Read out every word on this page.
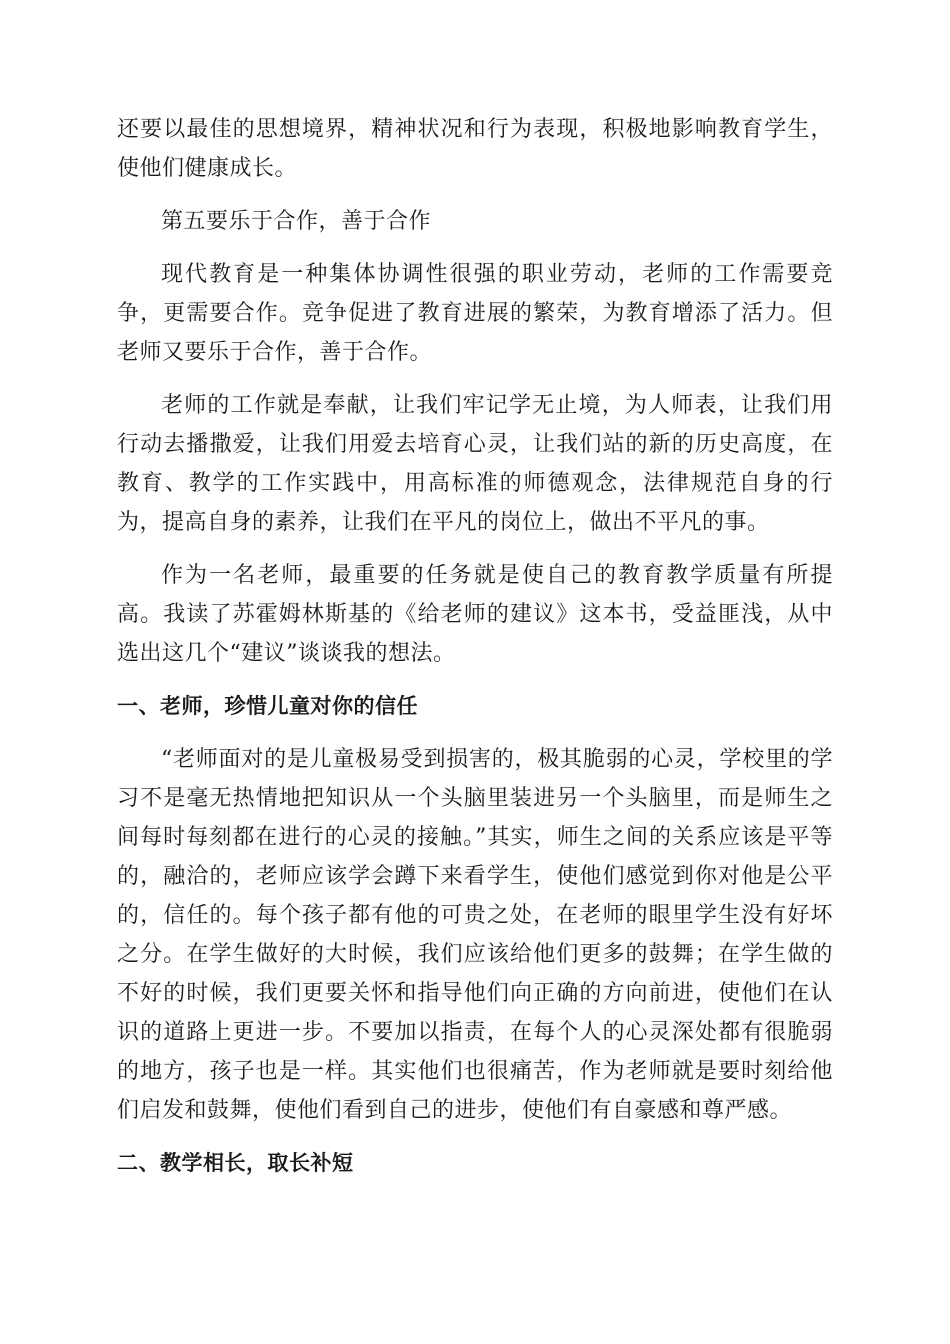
还要以最佳的思想境界，精神状况和行为表现，积极地影响教育学生，使他们健康成长。

第五要乐于合作，善于合作

现代教育是一种集体协调性很强的职业劳动，老师的工作需要竞争，更需要合作。竞争促进了教育进展的繁荣，为教育增添了活力。但老师又要乐于合作，善于合作。

老师的工作就是奉献，让我们牢记学无止境，为人师表，让我们用行动去播撒爱，让我们用爱去培育心灵，让我们站的新的历史高度，在教育、教学的工作实践中，用高标准的师德观念，法律规范自身的行为，提高自身的素养，让我们在平凡的岗位上，做出不平凡的事。

作为一名老师，最重要的任务就是使自己的教育教学质量有所提高。我读了苏霍姆林斯基的《给老师的建议》这本书，受益匪浅，从中选出这几个“建议”谈谈我的想法。

一、老师，珍惜儿童对你的信任

“老师面对的是儿童极易受到损害的，极其脆弱的心灵，学校里的学习不是毫无热情地把知识从一个头脑里装进另一个头脑里，而是师生之间每时每刻都在进行的心灵的接触。”其实，师生之间的关系应该是平等的，融洽的，老师应该学会蹲下来看学生，使他们感觉到你对他是公平的，信任的。每个孩子都有他的可贵之处，在老师的眼里学生没有好坏之分。在学生做好的大时候，我们应该给他们更多的鼓舞；在学生做的不好的时候，我们更要关怀和指导他们向正确的方向前进，使他们在认识的道路上更进一步。不要加以指责，在每个人的心灵深处都有很脆弱的地方，孩子也是一样。其实他们也很痛苦，作为老师就是要时刻给他们启发和鼓舞，使他们看到自己的进步，使他们有自豪感和尊严感。

二、教学相长，取长补短
